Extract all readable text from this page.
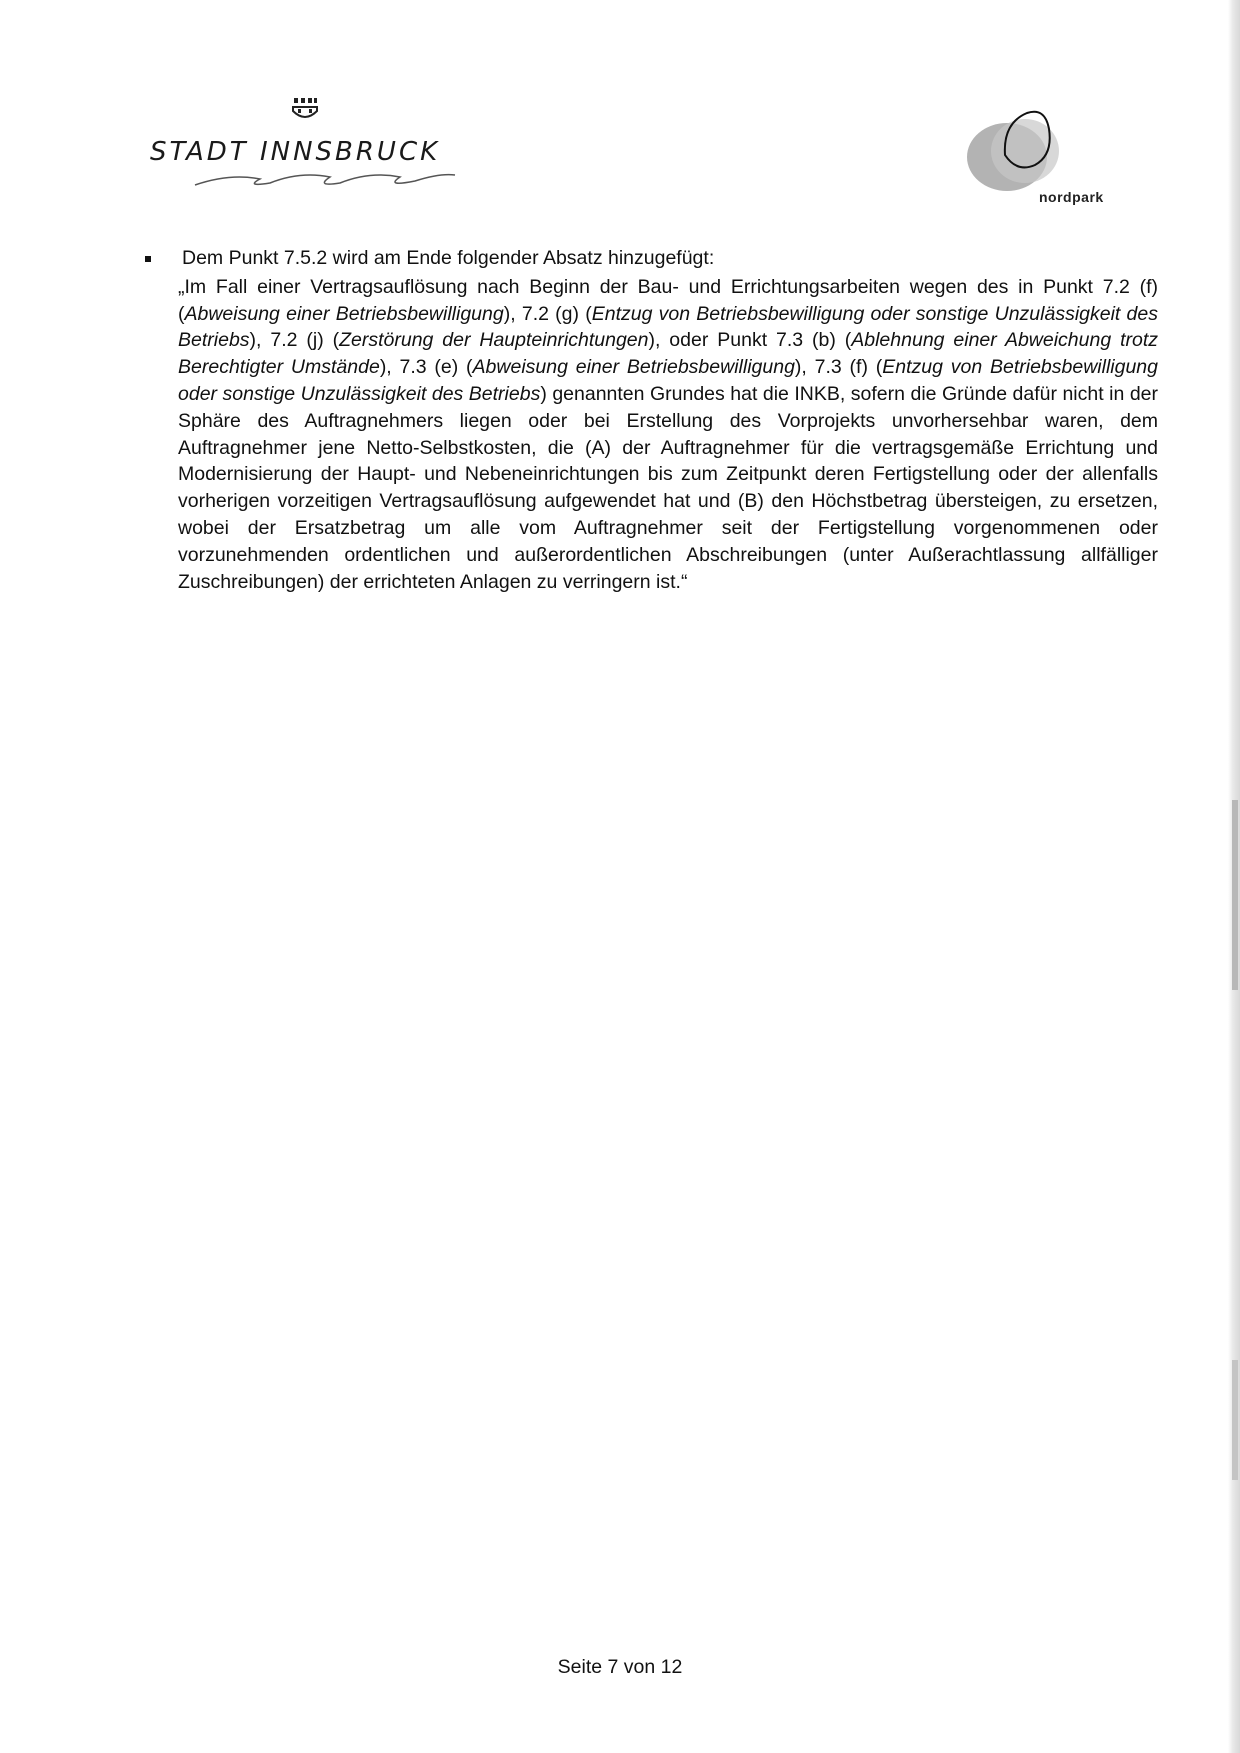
STADT INNSBRUCK
nordpark
Dem Punkt 7.5.2 wird am Ende folgender Absatz hinzugefügt:

„Im Fall einer Vertragsauflösung nach Beginn der Bau- und Errichtungsarbeiten wegen des in Punkt 7.2 (f) (Abweisung einer Betriebsbewilligung), 7.2 (g) (Entzug von Betriebsbewilligung oder sonstige Unzulässigkeit des Betriebs), 7.2 (j) (Zerstörung der Haupteinrichtungen), oder Punkt 7.3 (b) (Ablehnung einer Abweichung trotz Berechtigter Umstände), 7.3 (e) (Abweisung einer Betriebsbewilligung), 7.3 (f) (Entzug von Betriebsbewilligung oder sonstige Unzulässigkeit des Betriebs) genannten Grundes hat die INKB, sofern die Gründe dafür nicht in der Sphäre des Auftragnehmers liegen oder bei Erstellung des Vorprojekts unvorhersehbar waren, dem Auftragnehmer jene Netto-Selbstkosten, die (A) der Auftragnehmer für die vertragsgemäße Errichtung und Modernisierung der Haupt- und Nebeneinrichtungen bis zum Zeitpunkt deren Fertigstellung oder der allenfalls vorherigen vorzeitigen Vertragsauflösung aufgewendet hat und (B) den Höchstbetrag übersteigen, zu ersetzen, wobei der Ersatzbetrag um alle vom Auftragnehmer seit der Fertigstellung vorgenommenen oder vorzunehmenden ordentlichen und außerordentlichen Abschreibungen (unter Außerachtlassung allfälliger Zuschreibungen) der errichteten Anlagen zu verringern ist.“

Seite 7 von 12
